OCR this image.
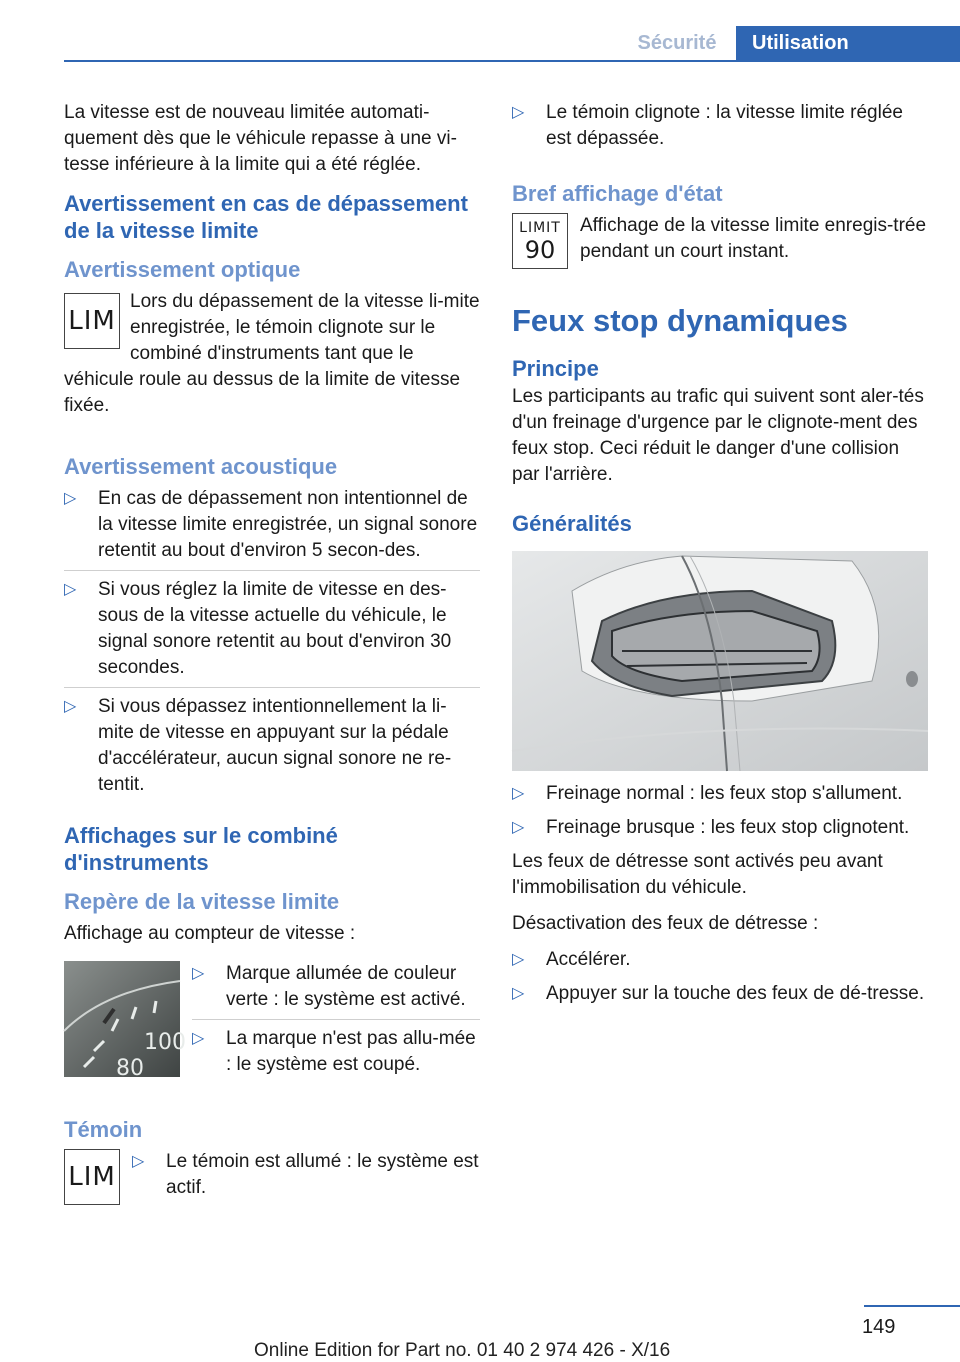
Sécurité	Utilisation

La vitesse est de nouveau limitée automati-quement dès que le véhicule repasse à une vi-tesse inférieure à la limite qui a été réglée.

Avertissement en cas de dépassement de la vitesse limite
Avertissement optique
LIM

Lors du dépassement de la vitesse li-mite enregistrée, le témoin clignote sur le combiné d'instruments tant que le véhicule roule au dessus de la limite de vitesse fixée.

Avertissement acoustique
▷ En cas de dépassement non intentionnel de la vitesse limite enregistrée, un signal sonore retentit au bout d'environ 5 secon-des.
▷ Si vous réglez la limite de vitesse en des-sous de la vitesse actuelle du véhicule, le signal sonore retentit au bout d'environ 30 secondes.
▷ Si vous dépassez intentionnellement la li-mite de vitesse en appuyant sur la pédale d'accélérateur, aucun signal sonore ne re-tentit.
Affichages sur le combiné d'instruments
Repère de la vitesse limite

Affichage au compteur de vitesse :

100
80
▷ Marque allumée de couleur verte : le système est activé.
▷ La marque n'est pas allu-mée : le système est coupé.
Témoin
LIM
▷ Le témoin est allumé : le système est actif.
▷ Le témoin clignote : la vitesse limite réglée est dépassée.
Bref affichage d'état
LIMIT
90

Affichage de la vitesse limite enregis-trée pendant un court instant.

Feux stop dynamiques
Principe

Les participants au trafic qui suivent sont aler-tés d'un freinage d'urgence par le clignote-ment des feux stop. Ceci réduit le danger d'une collision par l'arrière.

Généralités
▷ Freinage normal : les feux stop s'allument.
▷ Freinage brusque : les feux stop clignotent.

Les feux de détresse sont activés peu avant l'immobilisation du véhicule.

Désactivation des feux de détresse :

▷ Accélérer.
▷ Appuyer sur la touche des feux de dé-tresse.
149
Online Edition for Part no. 01 40 2 974 426 - X/16
